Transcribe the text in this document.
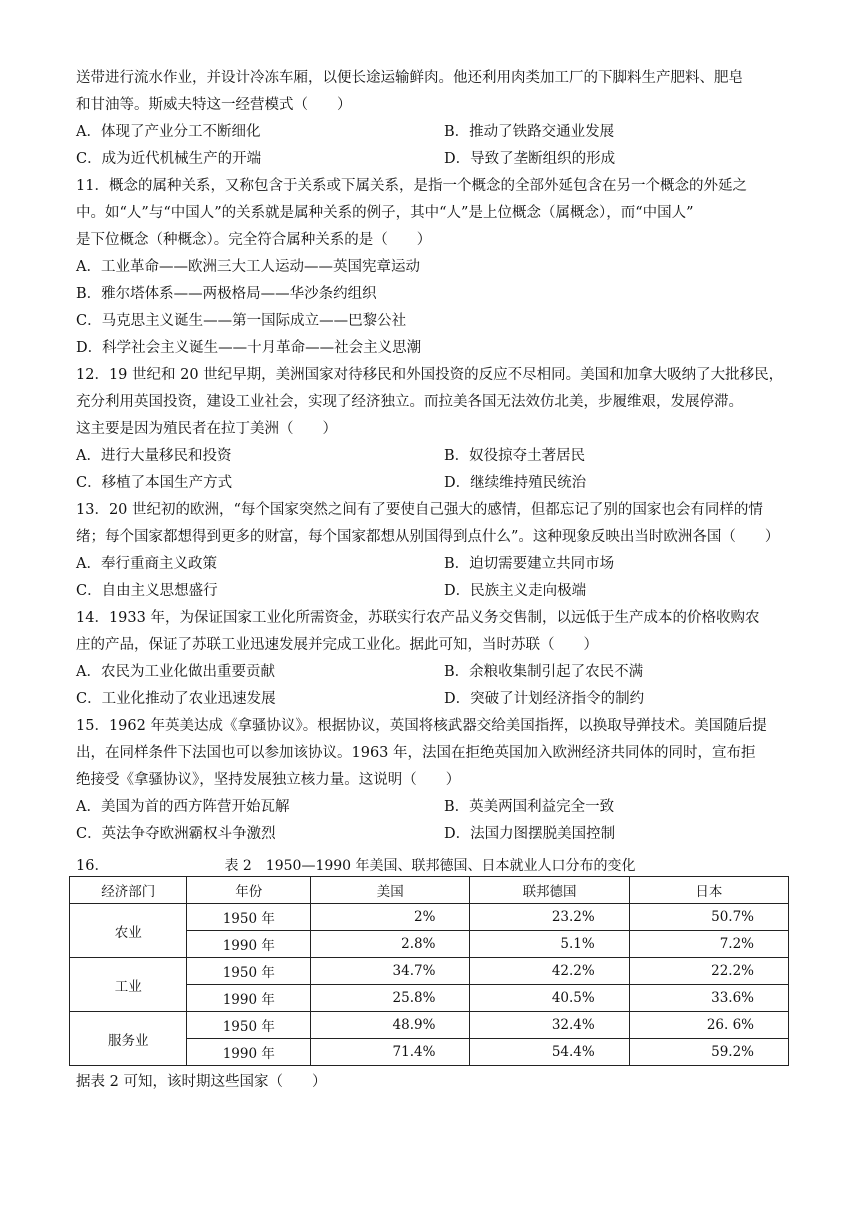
送带进行流水作业，并设计冷冻车厢，以便长途运输鲜肉。他还利用肉类加工厂的下脚料生产肥料、肥皂
和甘油等。斯威夫特这一经营模式（　　）
A．体现了产业分工不断细化	B．推动了铁路交通业发展
C．成为近代机械生产的开端	D．导致了垄断组织的形成
11．概念的属种关系，又称包含于关系或下属关系，是指一个概念的全部外延包含在另一个概念的外延之
中。如“人”与“中国人”的关系就是属种关系的例子，其中“人”是上位概念（属概念），而“中国人”
是下位概念（种概念）。完全符合属种关系的是（　　）
A．工业革命——欧洲三大工人运动——英国宪章运动
B．雅尔塔体系——两极格局——华沙条约组织
C．马克思主义诞生——第一国际成立——巴黎公社
D．科学社会主义诞生——十月革命——社会主义思潮
12．19 世纪和 20 世纪早期，美洲国家对待移民和外国投资的反应不尽相同。美国和加拿大吸纳了大批移民，
充分利用英国投资，建设工业社会，实现了经济独立。而拉美各国无法效仿北美，步履维艰，发展停滞。
这主要是因为殖民者在拉丁美洲（　　）
A．进行大量移民和投资	B．奴役掠夺土著居民
C．移植了本国生产方式	D．继续维持殖民统治
13．20 世纪初的欧洲，“每个国家突然之间有了要使自己强大的感情，但都忘记了别的国家也会有同样的情
绪；每个国家都想得到更多的财富，每个国家都想从别国得到点什么”。这种现象反映出当时欧洲各国（　　）
A．奉行重商主义政策	B．迫切需要建立共同市场
C．自由主义思想盛行	D．民族主义走向极端
14．1933 年，为保证国家工业化所需资金，苏联实行农产品义务交售制，以远低于生产成本的价格收购农
庄的产品，保证了苏联工业迅速发展并完成工业化。据此可知，当时苏联（　　）
A．农民为工业化做出重要贡献	B．余粮收集制引起了农民不满
C．工业化推动了农业迅速发展	D．突破了计划经济指令的制约
15．1962 年英美达成《拿骚协议》。根据协议，英国将核武器交给美国指挥，以换取导弹技术。美国随后提
出，在同样条件下法国也可以参加该协议。1963 年，法国在拒绝英国加入欧洲经济共同体的同时，宣布拒
绝接受《拿骚协议》，坚持发展独立核力量。这说明（　　）
A．美国为首的西方阵营开始瓦解	B．英美两国利益完全一致
C．英法争夺欧洲霸权斗争激烈	D．法国力图摆脱美国控制
16．	表 2　1950—1990 年美国、联邦德国、日本就业人口分布的变化
经济部门	年份	美国	联邦德国	日本
农业	1950 年	2%	23.2%	50.7%
	1990 年	2.8%	5.1%	7.2%
工业	1950 年	34.7%	42.2%	22.2%
	1990 年	25.8%	40.5%	33.6%
服务业	1950 年	48.9%	32.4%	26. 6%
	1990 年	71.4%	54.4%	59.2%
据表 2 可知，该时期这些国家（　　）
